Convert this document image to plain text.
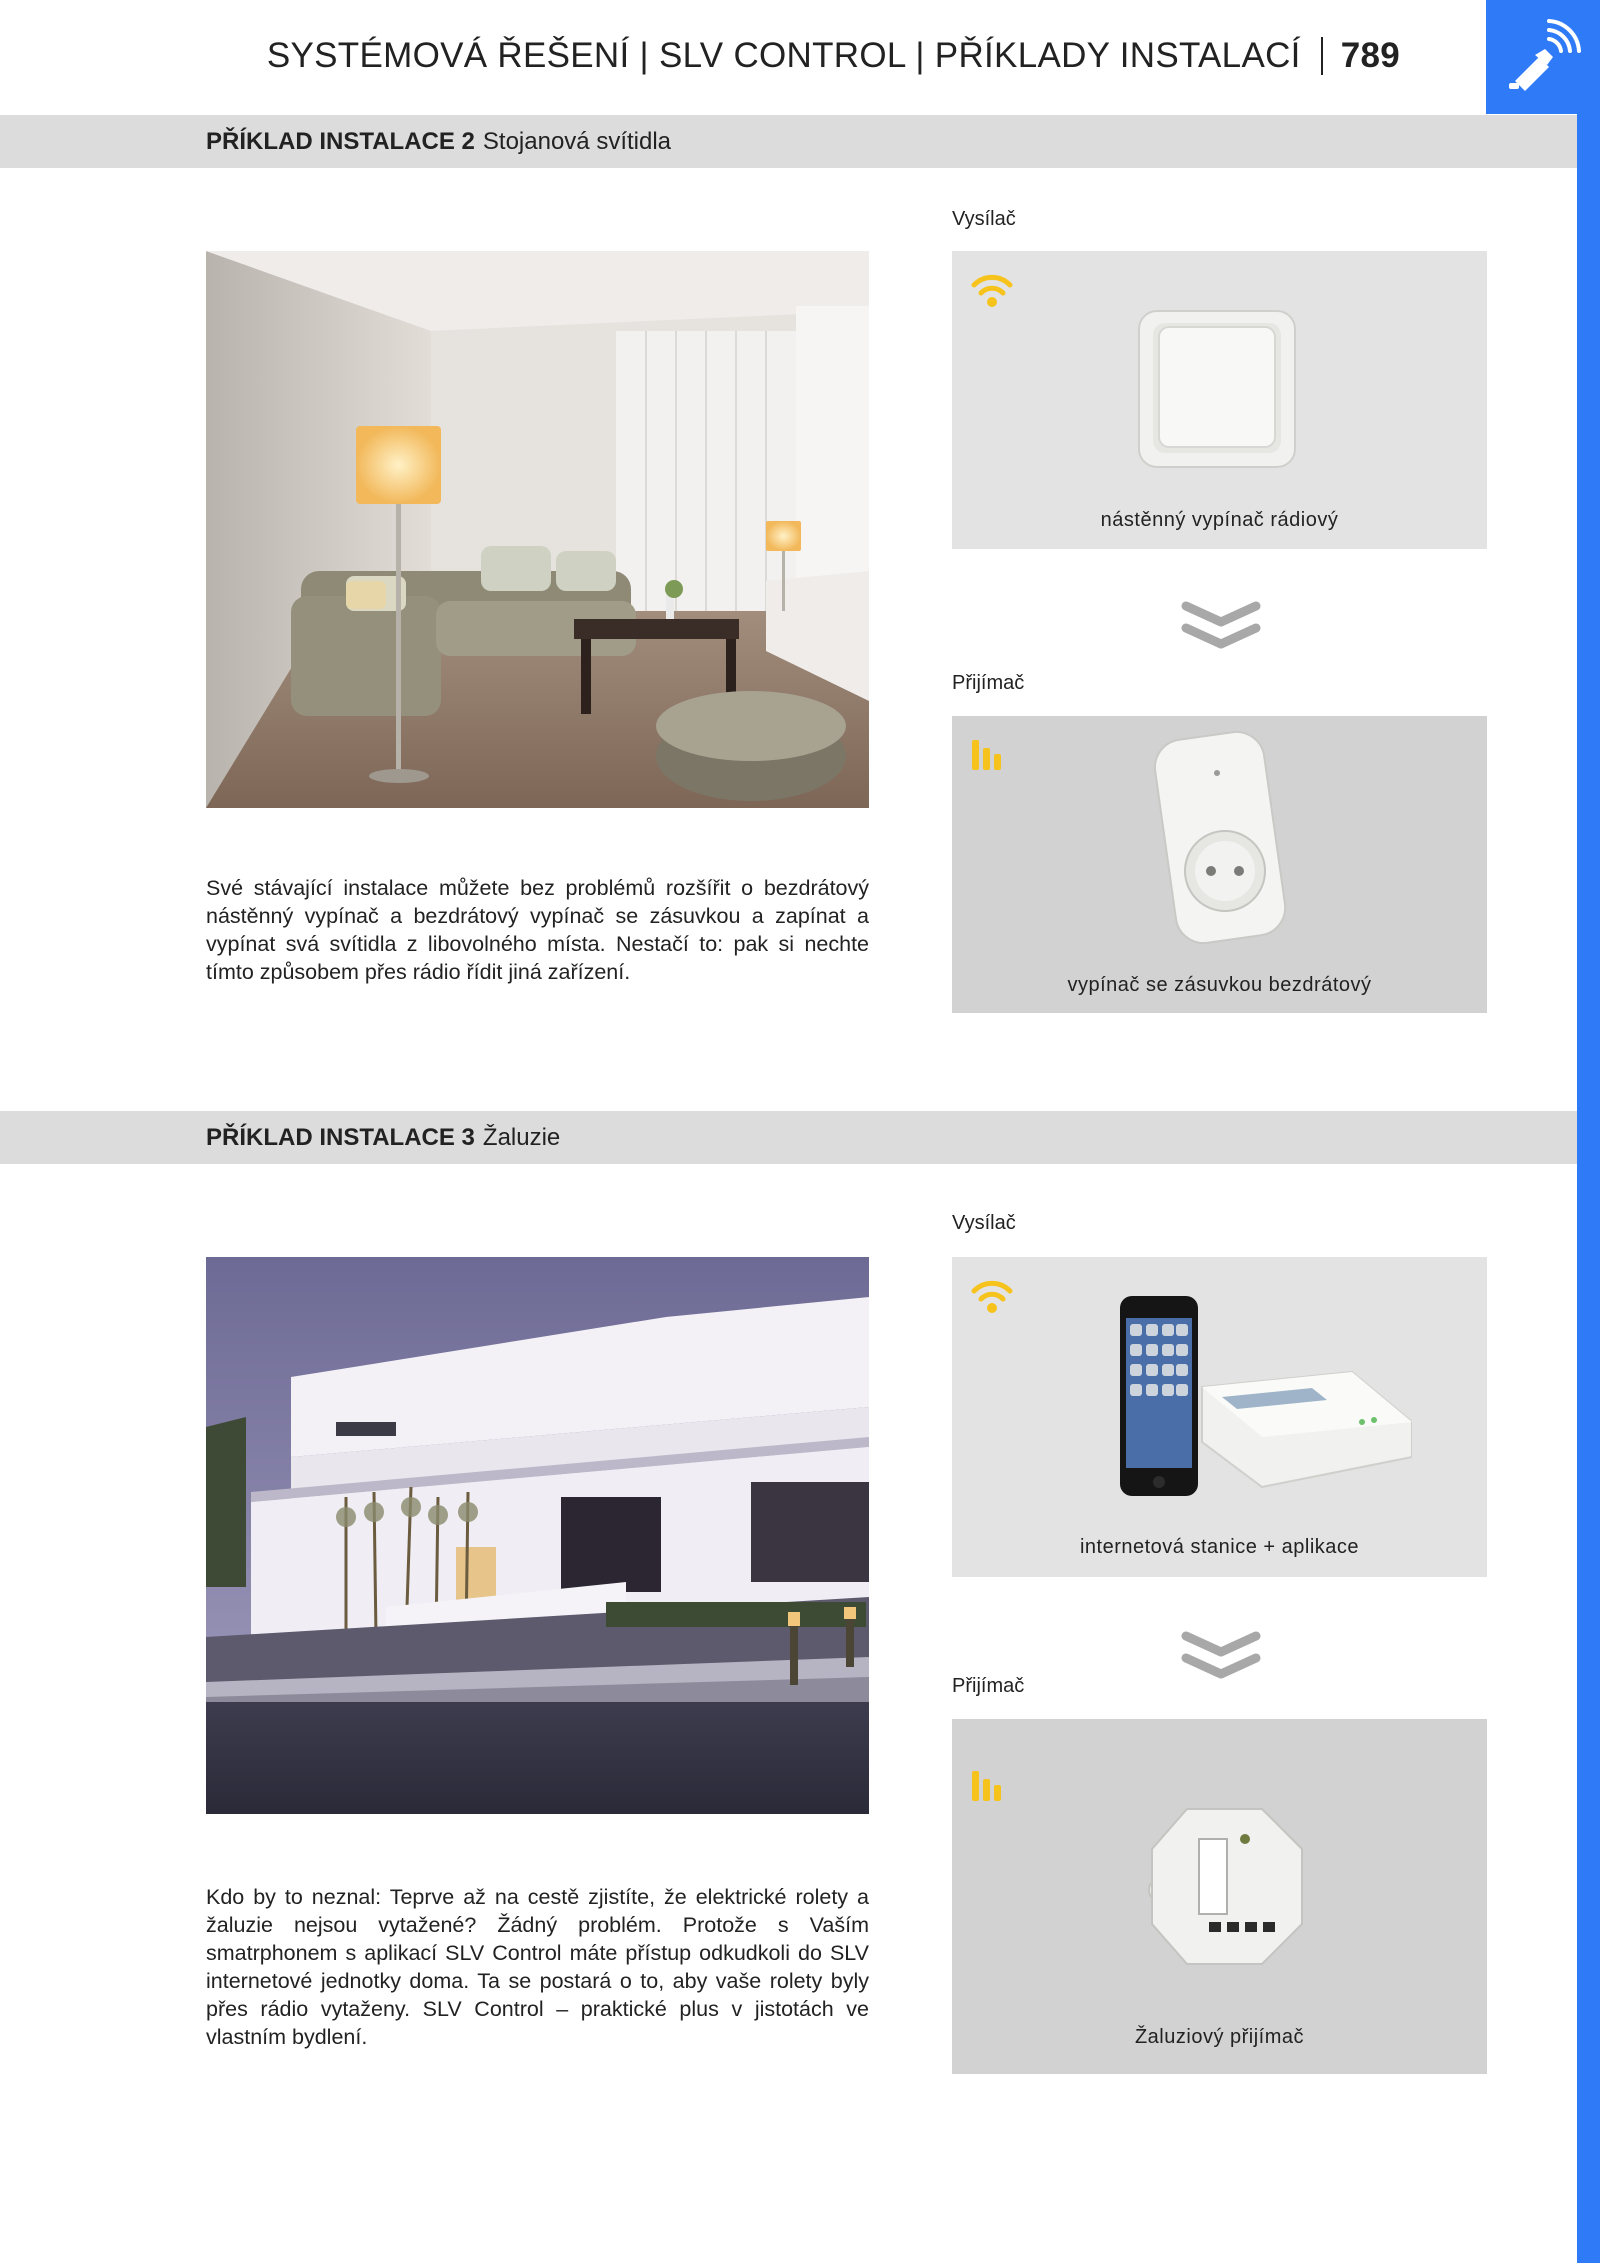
SYSTÉMOVÁ ŘEŠENÍ | SLV CONTROL | PŘÍKLADY INSTALACÍ 789
PŘÍKLAD INSTALACE 2 Stojanová svítidla

Své stávající instalace můžete bez problémů rozšířit o bezdrátový nástěnný vypínač a bezdrátový vypínač se zásuvkou a zapínat a vypínat svá svítidla z libovolného místa. Nestačí to: pak si nechte tímto způsobem přes rádio řídit jiná zařízení.

Vysílač
nástěnný vypínač rádiový
Přijímač
vypínač se zásuvkou bezdrátový
PŘÍKLAD INSTALACE 3 Žaluzie

Kdo by to neznal: Teprve až na cestě zjistíte, že elektrické rolety a žaluzie nejsou vytažené? Žádný problém. Protože s Vaším smatrphonem s aplikací SLV Control máte přístup odkudkoli do SLV internetové jednotky doma. Ta se postará o to, aby vaše rolety byly přes rádio vytaženy. SLV Control – praktické plus v jistotách ve vlastním bydlení.

Vysílač
internetová stanice + aplikace
Přijímač
Žaluziový přijímač
